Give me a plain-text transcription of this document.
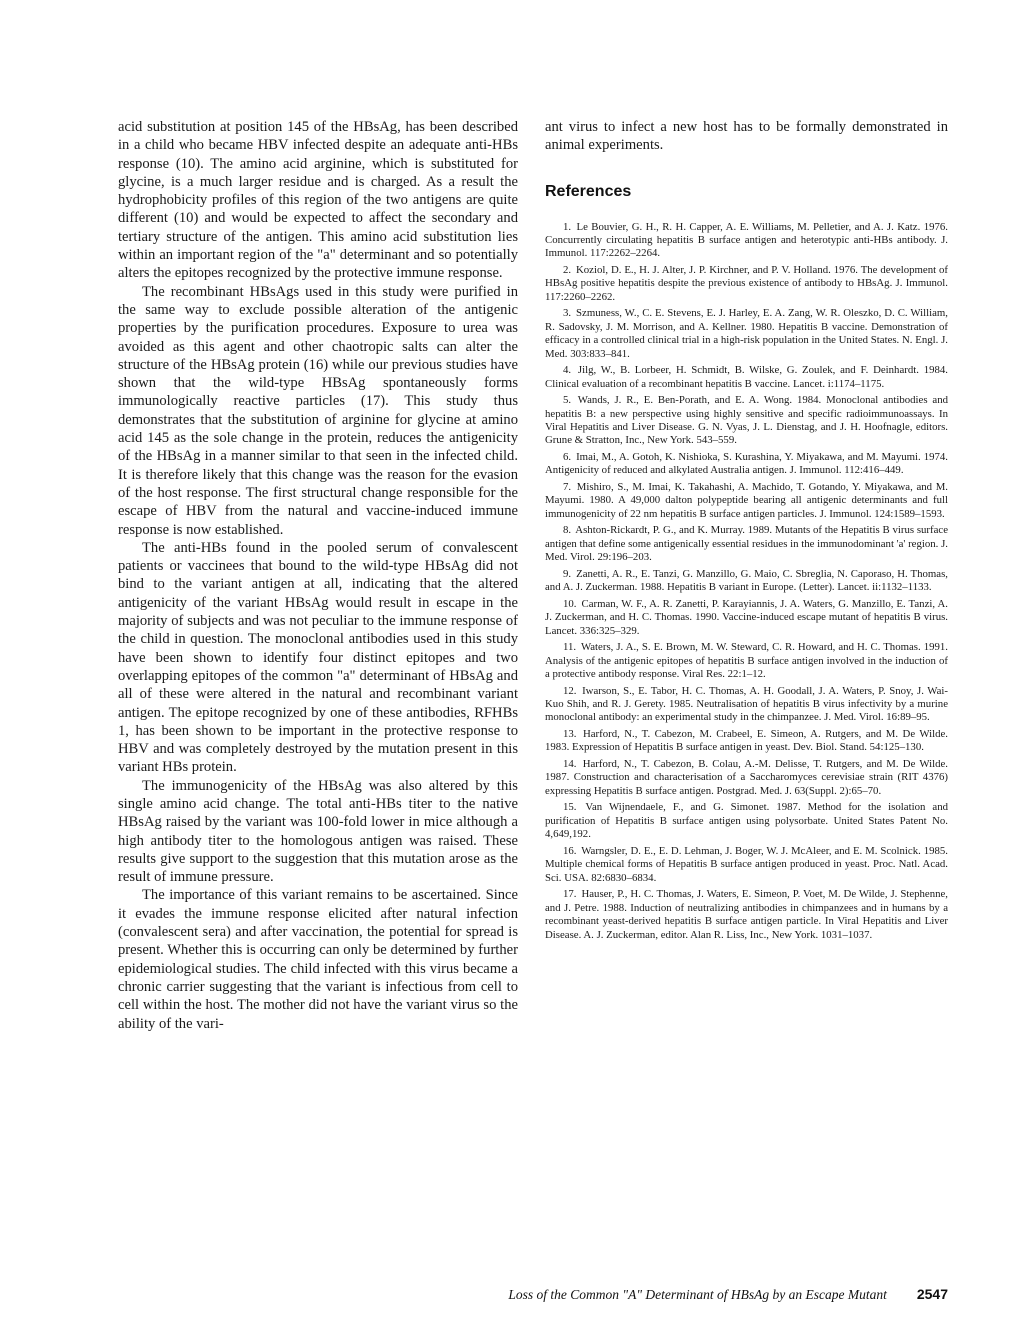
acid substitution at position 145 of the HBsAg, has been described in a child who became HBV infected despite an adequate anti-HBs response (10). The amino acid arginine, which is substituted for glycine, is a much larger residue and is charged. As a result the hydrophobicity profiles of this region of the two antigens are quite different (10) and would be expected to affect the secondary and tertiary structure of the antigen. This amino acid substitution lies within an important region of the "a" determinant and so potentially alters the epitopes recognized by the protective immune response.

The recombinant HBsAgs used in this study were purified in the same way to exclude possible alteration of the antigenic properties by the purification procedures. Exposure to urea was avoided as this agent and other chaotropic salts can alter the structure of the HBsAg protein (16) while our previous studies have shown that the wild-type HBsAg spontaneously forms immunologically reactive particles (17). This study thus demonstrates that the substitution of arginine for glycine at amino acid 145 as the sole change in the protein, reduces the antigenicity of the HBsAg in a manner similar to that seen in the infected child. It is therefore likely that this change was the reason for the evasion of the host response. The first structural change responsible for the escape of HBV from the natural and vaccine-induced immune response is now established.

The anti-HBs found in the pooled serum of convalescent patients or vaccinees that bound to the wild-type HBsAg did not bind to the variant antigen at all, indicating that the altered antigenicity of the variant HBsAg would result in escape in the majority of subjects and was not peculiar to the immune response of the child in question. The monoclonal antibodies used in this study have been shown to identify four distinct epitopes and two overlapping epitopes of the common "a" determinant of HBsAg and all of these were altered in the natural and recombinant variant antigen. The epitope recognized by one of these antibodies, RFHBs 1, has been shown to be important in the protective response to HBV and was completely destroyed by the mutation present in this variant HBs protein.

The immunogenicity of the HBsAg was also altered by this single amino acid change. The total anti-HBs titer to the native HBsAg raised by the variant was 100-fold lower in mice although a high antibody titer to the homologous antigen was raised. These results give support to the suggestion that this mutation arose as the result of immune pressure.

The importance of this variant remains to be ascertained. Since it evades the immune response elicited after natural infection (convalescent sera) and after vaccination, the potential for spread is present. Whether this is occurring can only be determined by further epidemiological studies. The child infected with this virus became a chronic carrier suggesting that the variant is infectious from cell to cell within the host. The mother did not have the variant virus so the ability of the vari-

ant virus to infect a new host has to be formally demonstrated in animal experiments.

References
1. Le Bouvier, G. H., R. H. Capper, A. E. Williams, M. Pelletier, and A. J. Katz. 1976. Concurrently circulating hepatitis B surface antigen and heterotypic anti-HBs antibody. J. Immunol. 117:2262–2264.
2. Koziol, D. E., H. J. Alter, J. P. Kirchner, and P. V. Holland. 1976. The development of HBsAg positive hepatitis despite the previous existence of antibody to HBsAg. J. Immunol. 117:2260–2262.
3. Szmuness, W., C. E. Stevens, E. J. Harley, E. A. Zang, W. R. Oleszko, D. C. William, R. Sadovsky, J. M. Morrison, and A. Kellner. 1980. Hepatitis B vaccine. Demonstration of efficacy in a controlled clinical trial in a high-risk population in the United States. N. Engl. J. Med. 303:833–841.
4. Jilg, W., B. Lorbeer, H. Schmidt, B. Wilske, G. Zoulek, and F. Deinhardt. 1984. Clinical evaluation of a recombinant hepatitis B vaccine. Lancet. i:1174–1175.
5. Wands, J. R., E. Ben-Porath, and E. A. Wong. 1984. Monoclonal antibodies and hepatitis B: a new perspective using highly sensitive and specific radioimmunoassays. In Viral Hepatitis and Liver Disease. G. N. Vyas, J. L. Dienstag, and J. H. Hoofnagle, editors. Grune & Stratton, Inc., New York. 543–559.
6. Imai, M., A. Gotoh, K. Nishioka, S. Kurashina, Y. Miyakawa, and M. Mayumi. 1974. Antigenicity of reduced and alkylated Australia antigen. J. Immunol. 112:416–449.
7. Mishiro, S., M. Imai, K. Takahashi, A. Machido, T. Gotando, Y. Miyakawa, and M. Mayumi. 1980. A 49,000 dalton polypeptide bearing all antigenic determinants and full immunogenicity of 22 nm hepatitis B surface antigen particles. J. Immunol. 124:1589–1593.
8. Ashton-Rickardt, P. G., and K. Murray. 1989. Mutants of the Hepatitis B virus surface antigen that define some antigenically essential residues in the immunodominant 'a' region. J. Med. Virol. 29:196–203.
9. Zanetti, A. R., E. Tanzi, G. Manzillo, G. Maio, C. Sbreglia, N. Caporaso, H. Thomas, and A. J. Zuckerman. 1988. Hepatitis B variant in Europe. (Letter). Lancet. ii:1132–1133.
10. Carman, W. F., A. R. Zanetti, P. Karayiannis, J. A. Waters, G. Manzillo, E. Tanzi, A. J. Zuckerman, and H. C. Thomas. 1990. Vaccine-induced escape mutant of hepatitis B virus. Lancet. 336:325–329.
11. Waters, J. A., S. E. Brown, M. W. Steward, C. R. Howard, and H. C. Thomas. 1991. Analysis of the antigenic epitopes of hepatitis B surface antigen involved in the induction of a protective antibody response. Viral Res. 22:1–12.
12. Iwarson, S., E. Tabor, H. C. Thomas, A. H. Goodall, J. A. Waters, P. Snoy, J. Wai-Kuo Shih, and R. J. Gerety. 1985. Neutralisation of hepatitis B virus infectivity by a murine monoclonal antibody: an experimental study in the chimpanzee. J. Med. Virol. 16:89–95.
13. Harford, N., T. Cabezon, M. Crabeel, E. Simeon, A. Rutgers, and M. De Wilde. 1983. Expression of Hepatitis B surface antigen in yeast. Dev. Biol. Stand. 54:125–130.
14. Harford, N., T. Cabezon, B. Colau, A.-M. Delisse, T. Rutgers, and M. De Wilde. 1987. Construction and characterisation of a Saccharomyces cerevisiae strain (RIT 4376) expressing Hepatitis B surface antigen. Postgrad. Med. J. 63(Suppl. 2):65–70.
15. Van Wijnendaele, F., and G. Simonet. 1987. Method for the isolation and purification of Hepatitis B surface antigen using polysorbate. United States Patent No. 4,649,192.
16. Warngsler, D. E., E. D. Lehman, J. Boger, W. J. McAleer, and E. M. Scolnick. 1985. Multiple chemical forms of Hepatitis B surface antigen produced in yeast. Proc. Natl. Acad. Sci. USA. 82:6830–6834.
17. Hauser, P., H. C. Thomas, J. Waters, E. Simeon, P. Voet, M. De Wilde, J. Stephenne, and J. Petre. 1988. Induction of neutralizing antibodies in chimpanzees and in humans by a recombinant yeast-derived hepatitis B surface antigen particle. In Viral Hepatitis and Liver Disease. A. J. Zuckerman, editor. Alan R. Liss, Inc., New York. 1031–1037.
Loss of the Common "A" Determinant of HBsAg by an Escape Mutant 2547
